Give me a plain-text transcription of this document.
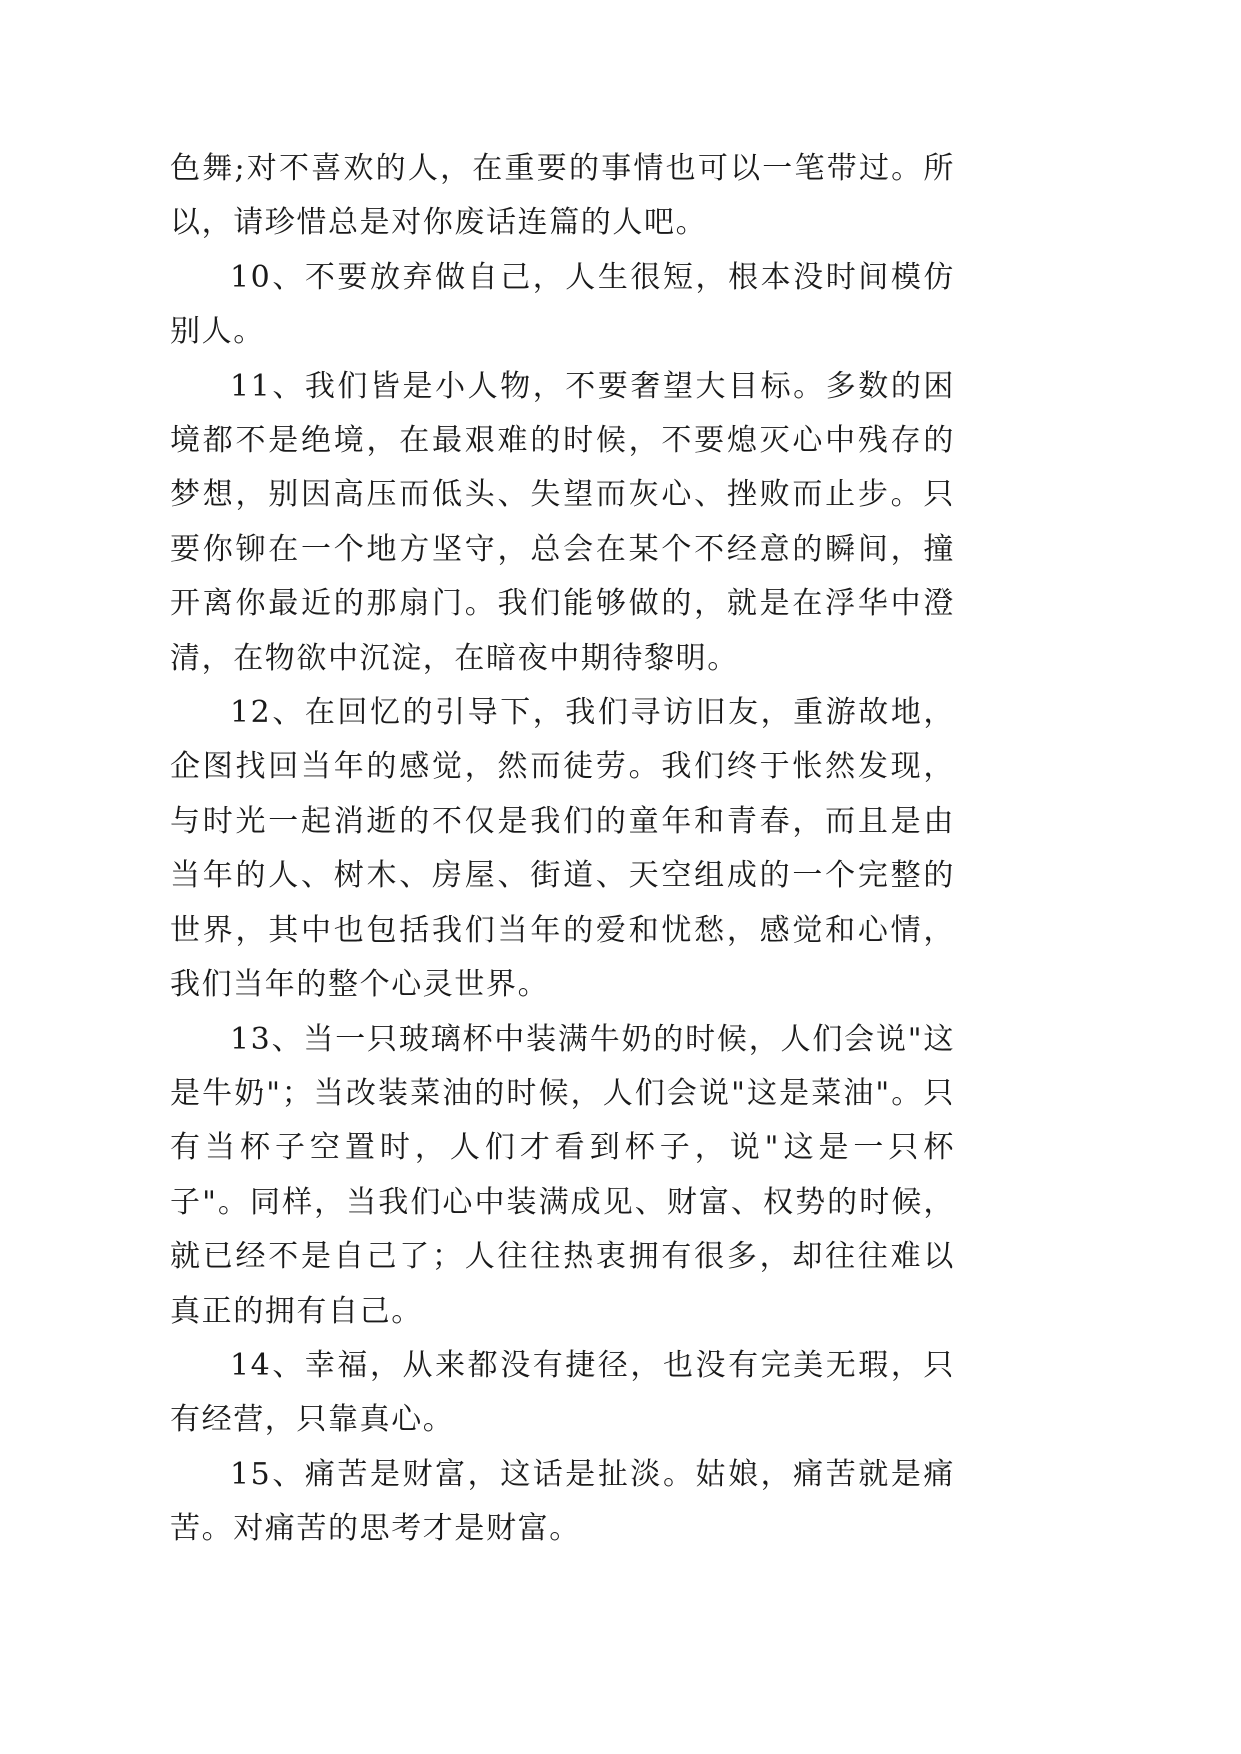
色舞;对不喜欢的人，在重要的事情也可以一笔带过。所以，请珍惜总是对你废话连篇的人吧。

10、不要放弃做自己，人生很短，根本没时间模仿别人。

11、我们皆是小人物，不要奢望大目标。多数的困境都不是绝境，在最艰难的时候，不要熄灭心中残存的梦想，别因高压而低头、失望而灰心、挫败而止步。只要你铆在一个地方坚守，总会在某个不经意的瞬间，撞开离你最近的那扇门。我们能够做的，就是在浮华中澄清，在物欲中沉淀，在暗夜中期待黎明。

12、在回忆的引导下，我们寻访旧友，重游故地，企图找回当年的感觉，然而徒劳。我们终于怅然发现，与时光一起消逝的不仅是我们的童年和青春，而且是由当年的人、树木、房屋、街道、天空组成的一个完整的世界，其中也包括我们当年的爱和忧愁，感觉和心情，我们当年的整个心灵世界。

13、当一只玻璃杯中装满牛奶的时候，人们会说"这是牛奶"；当改装菜油的时候，人们会说"这是菜油"。只有当杯子空置时，人们才看到杯子，说"这是一只杯子"。同样，当我们心中装满成见、财富、权势的时候，就已经不是自己了；人往往热衷拥有很多，却往往难以真正的拥有自己。

14、幸福，从来都没有捷径，也没有完美无瑕，只有经营，只靠真心。

15、痛苦是财富，这话是扯淡。姑娘，痛苦就是痛苦。对痛苦的思考才是财富。
